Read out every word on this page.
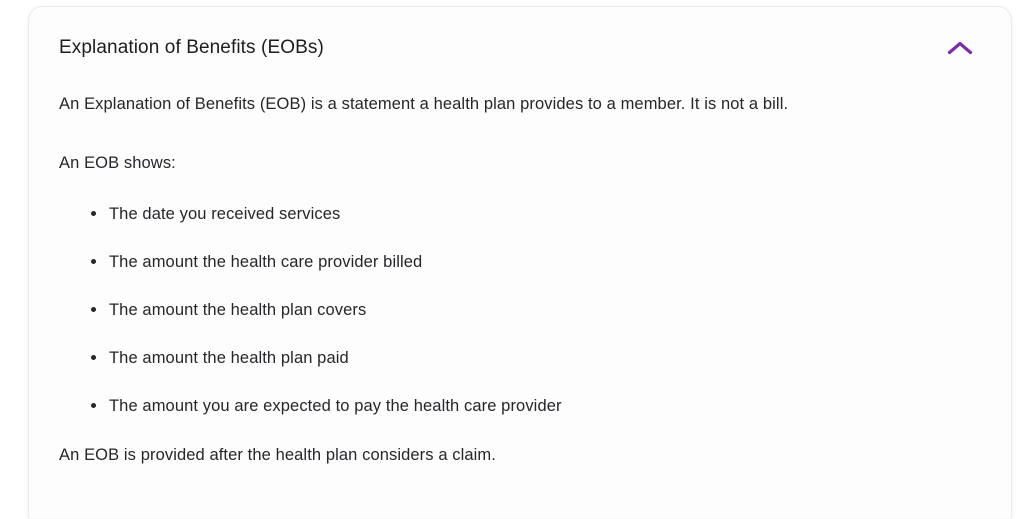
Explanation of Benefits (EOBs)

An Explanation of Benefits (EOB) is a statement a health plan provides to a member. It is not a bill.

An EOB shows:

The date you received services
The amount the health care provider billed
The amount the health plan covers
The amount the health plan paid
The amount you are expected to pay the health care provider

An EOB is provided after the health plan considers a claim.
